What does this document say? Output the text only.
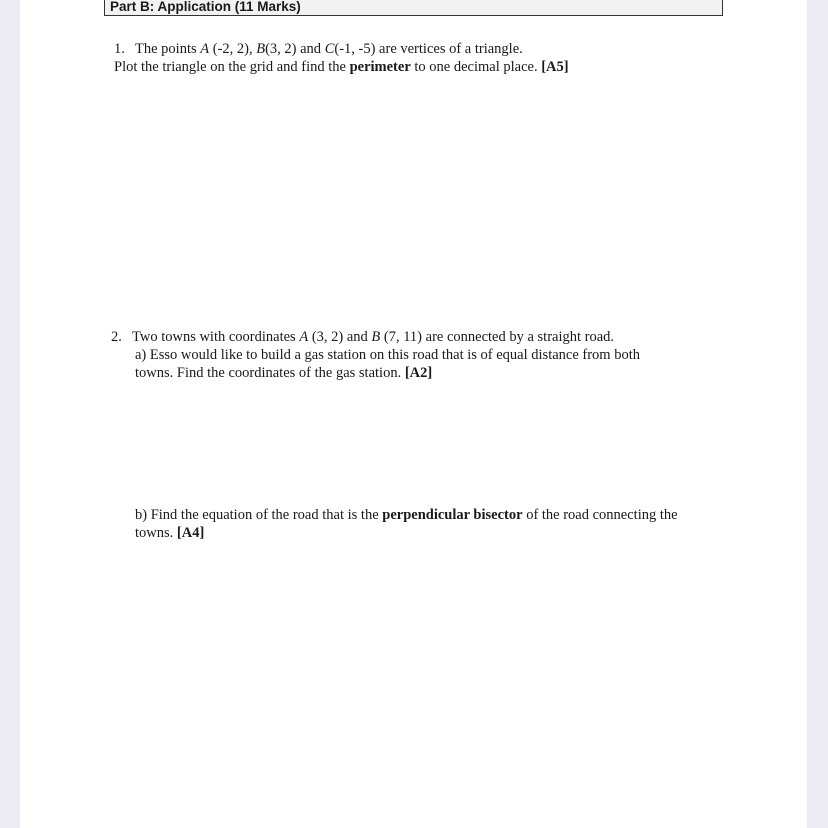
Part B: Application (11 Marks)
1. The points A (-2, 2), B(3, 2) and C(-1, -5) are vertices of a triangle.
Plot the triangle on the grid and find the perimeter to one decimal place. [A5]
2. Two towns with coordinates A (3, 2) and B (7, 11) are connected by a straight road.
a) Esso would like to build a gas station on this road that is of equal distance from both
towns. Find the coordinates of the gas station. [A2]
b) Find the equation of the road that is the perpendicular bisector of the road connecting the
towns. [A4]
